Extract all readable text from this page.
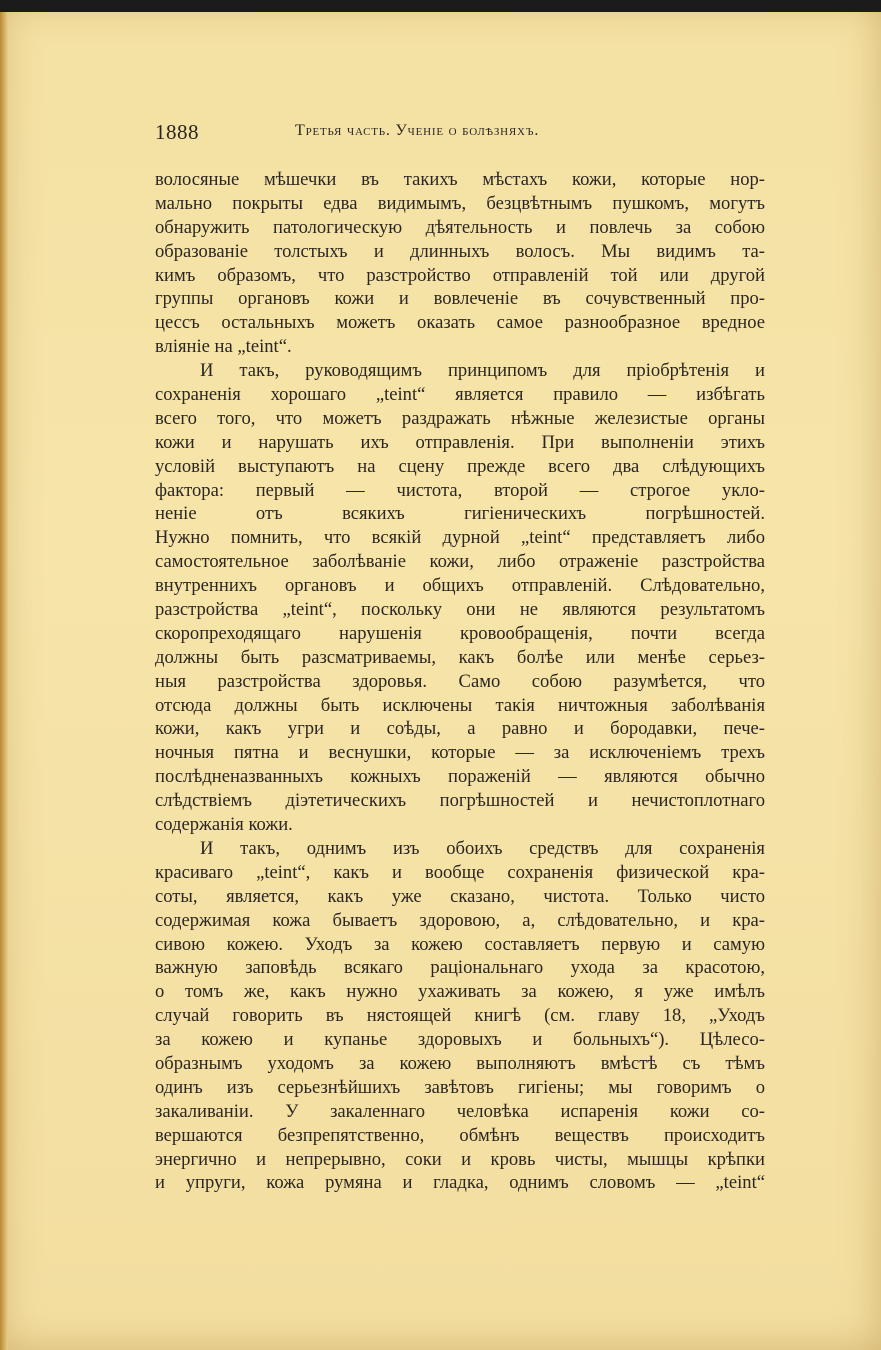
1888	Третья часть. Ученіе о болѣзняхъ.
волосяные мѣшечки въ такихъ мѣстахъ кожи, которые нор-
мально покрыты едва видимымъ, безцвѣтнымъ пушкомъ, могутъ
обнаружить патологическую дѣятельность и повлечь за собою
образованіе толстыхъ и длинныхъ волосъ. Мы видимъ та-
кимъ образомъ, что разстройство отправленій той или другой
группы органовъ кожи и вовлеченіе въ сочувственный про-
цессъ остальныхъ можетъ оказать самое разнообразное вредное
вліяніе на „teint“.
И такъ, руководящимъ принципомъ для пріобрѣтенія и
сохраненія хорошаго „teint“ является правило — избѣгать
всего того, что можетъ раздражать нѣжные железистые органы
кожи и нарушать ихъ отправленія. При выполненіи этихъ
условій выступаютъ на сцену прежде всего два слѣдующихъ
фактора: первый — чистота, второй — строгое укло-
неніе отъ всякихъ гигіеническихъ погрѣшностей.
Нужно помнить, что всякій дурной „teint“ представляетъ либо
самостоятельное заболѣваніе кожи, либо отраженіе разстройства
внутреннихъ органовъ и общихъ отправленій. Слѣдовательно,
разстройства „teint“, поскольку они не являются результатомъ
скоропреходящаго нарушенія кровообращенія, почти всегда
должны быть разсматриваемы, какъ болѣе или менѣе серьез-
ныя разстройства здоровья. Само собою разумѣется, что
отсюда должны быть исключены такія ничтожныя заболѣванія
кожи, какъ угри и соѣды, а равно и бородавки, пече-
ночныя пятна и веснушки, которые — за исключеніемъ трехъ
послѣдненазванныхъ кожныхъ пораженій — являются обычно
слѣдствіемъ діэтетическихъ погрѣшностей и нечистоплотнаго
содержанія кожи.
И такъ, однимъ изъ обоихъ средствъ для сохраненія
красиваго „teint“, какъ и вообще сохраненія физической кра-
соты, является, какъ уже сказано, чистота. Только чисто
содержимая кожа бываетъ здоровою, а, слѣдовательно, и кра-
сивою кожею. Уходъ за кожею составляетъ первую и самую
важную заповѣдь всякаго раціональнаго ухода за красотою,
о томъ же, какъ нужно ухаживать за кожею, я уже имѣлъ
случай говорить въ нястоящей книгѣ (см. главу 18, „Уходъ
за кожею и купанье здоровыхъ и больныхъ“). Цѣлесо-
образнымъ уходомъ за кожею выполняютъ вмѣстѣ съ тѣмъ
одинъ изъ серьезнѣйшихъ завѣтовъ гигіены; мы говоримъ о
закаливаніи. У закаленнаго человѣка испаренія кожи со-
вершаются безпрепятственно, обмѣнъ веществъ происходитъ
энергично и непрерывно, соки и кровь чисты, мышцы крѣпки
и упруги, кожа румяна и гладка, однимъ словомъ — „teint“
